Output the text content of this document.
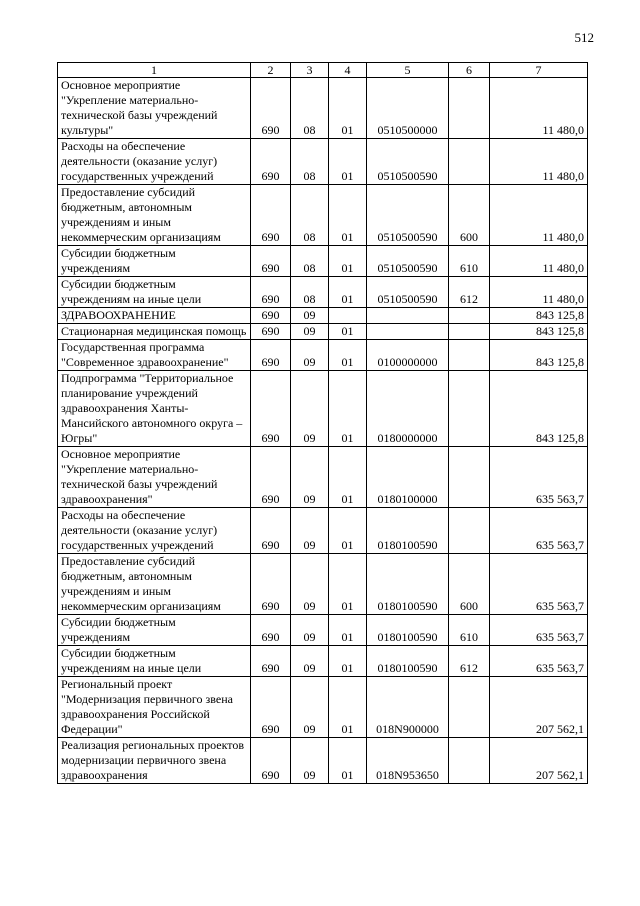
512
1	2	3	4	5	6	7
Основное мероприятие "Укрепление материально-технической базы учреждений культуры"	690	08	01	0510500000		11 480,0
Расходы на обеспечение деятельности (оказание услуг) государственных учреждений	690	08	01	0510500590		11 480,0
Предоставление субсидий бюджетным, автономным учреждениям и иным некоммерческим организациям	690	08	01	0510500590	600	11 480,0
Субсидии бюджетным учреждениям	690	08	01	0510500590	610	11 480,0
Субсидии бюджетным учреждениям на иные цели	690	08	01	0510500590	612	11 480,0
ЗДРАВООХРАНЕНИЕ	690	09				843 125,8
Стационарная медицинская помощь	690	09	01			843 125,8
Государственная программа "Современное здравоохранение"	690	09	01	0100000000		843 125,8
Подпрограмма "Территориальное планирование учреждений здравоохранения Ханты-Мансийского автономного округа – Югры"	690	09	01	0180000000		843 125,8
Основное мероприятие "Укрепление материально-технической базы учреждений здравоохранения"	690	09	01	0180100000		635 563,7
Расходы на обеспечение деятельности (оказание услуг) государственных учреждений	690	09	01	0180100590		635 563,7
Предоставление субсидий бюджетным, автономным учреждениям и иным некоммерческим организациям	690	09	01	0180100590	600	635 563,7
Субсидии бюджетным учреждениям	690	09	01	0180100590	610	635 563,7
Субсидии бюджетным учреждениям на иные цели	690	09	01	0180100590	612	635 563,7
Региональный проект "Модернизация первичного звена здравоохранения Российской Федерации"	690	09	01	018N900000		207 562,1
Реализация региональных проектов модернизации первичного звена здравоохранения	690	09	01	018N953650		207 562,1
